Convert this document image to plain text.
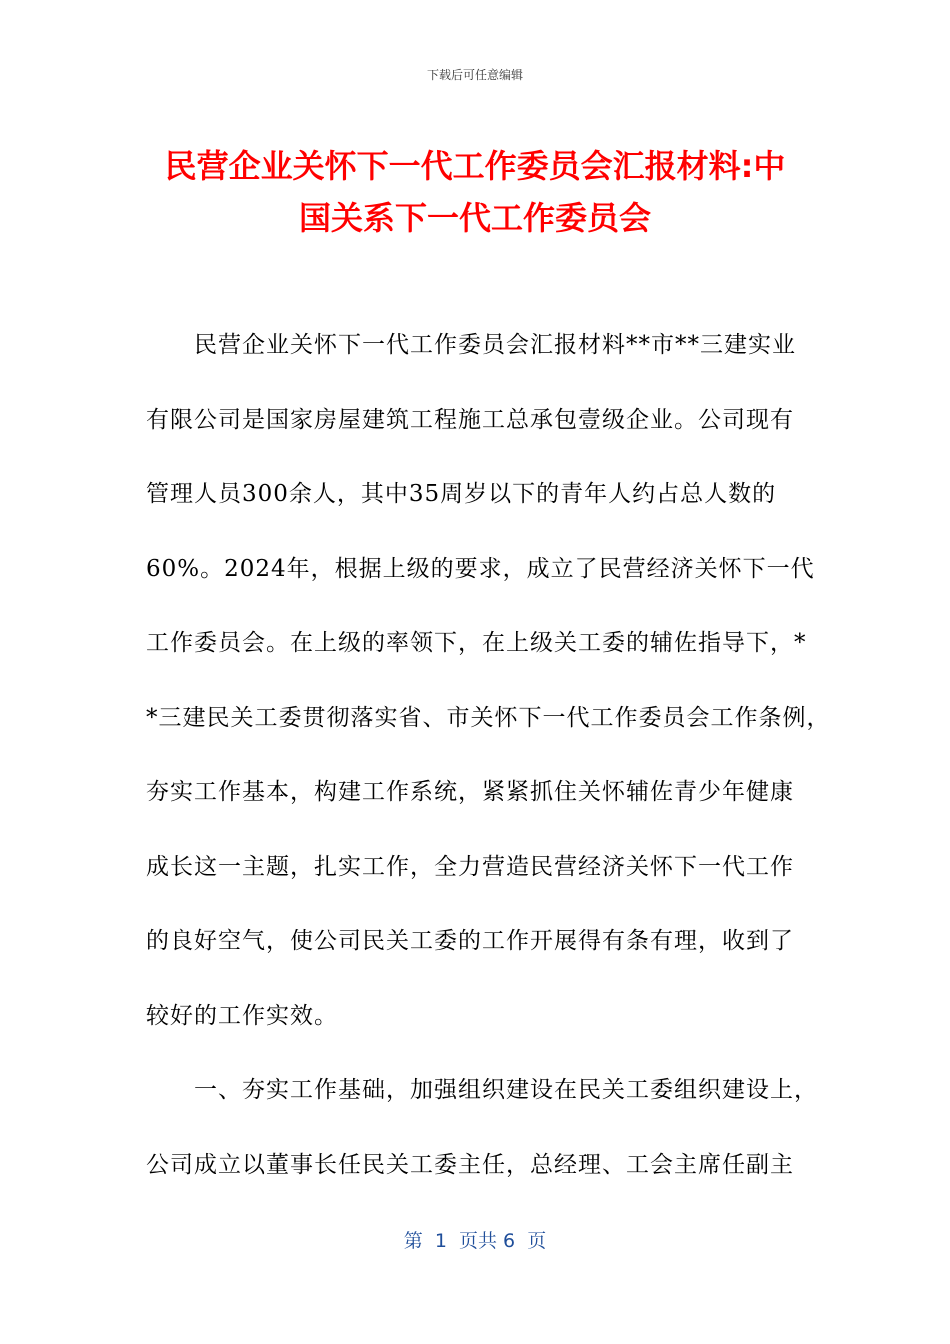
下载后可任意编辑
民营企业关怀下一代工作委员会汇报材料:中
国关系下一代工作委员会
　　民营企业关怀下一代工作委员会汇报材料**市**三建实业
有限公司是国家房屋建筑工程施工总承包壹级企业。公司现有
管理人员300余人，其中35周岁以下的青年人约占总人数的
60%。2024年，根据上级的要求，成立了民营经济关怀下一代
工作委员会。在上级的率领下，在上级关工委的辅佐指导下，*
*三建民关工委贯彻落实省、市关怀下一代工作委员会工作条例，
夯实工作基本，构建工作系统，紧紧抓住关怀辅佐青少年健康
成长这一主题，扎实工作，全力营造民营经济关怀下一代工作
的良好空气，使公司民关工委的工作开展得有条有理，收到了
较好的工作实效。
　　一、夯实工作基础，加强组织建设在民关工委组织建设上，
公司成立以董事长任民关工委主任，总经理、工会主席任副主
第  1  页共 6  页
